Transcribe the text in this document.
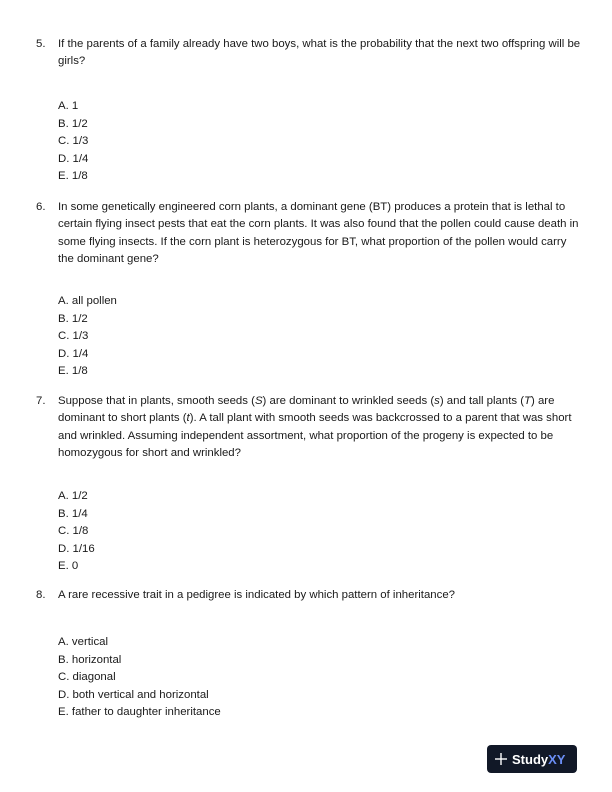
5. If the parents of a family already have two boys, what is the probability that the next two offspring will be girls?
A. 1
B. 1/2
C. 1/3
D. 1/4
E. 1/8
6. In some genetically engineered corn plants, a dominant gene (BT) produces a protein that is lethal to certain flying insect pests that eat the corn plants. It was also found that the pollen could cause death in some flying insects. If the corn plant is heterozygous for BT, what proportion of the pollen would carry the dominant gene?
A. all pollen
B. 1/2
C. 1/3
D. 1/4
E. 1/8
7. Suppose that in plants, smooth seeds (S) are dominant to wrinkled seeds (s) and tall plants (T) are dominant to short plants (t). A tall plant with smooth seeds was backcrossed to a parent that was short and wrinkled. Assuming independent assortment, what proportion of the progeny is expected to be homozygous for short and wrinkled?
A. 1/2
B. 1/4
C. 1/8
D. 1/16
E. 0
8. A rare recessive trait in a pedigree is indicated by which pattern of inheritance?
A. vertical
B. horizontal
C. diagonal
D. both vertical and horizontal
E. father to daughter inheritance
Study XY
